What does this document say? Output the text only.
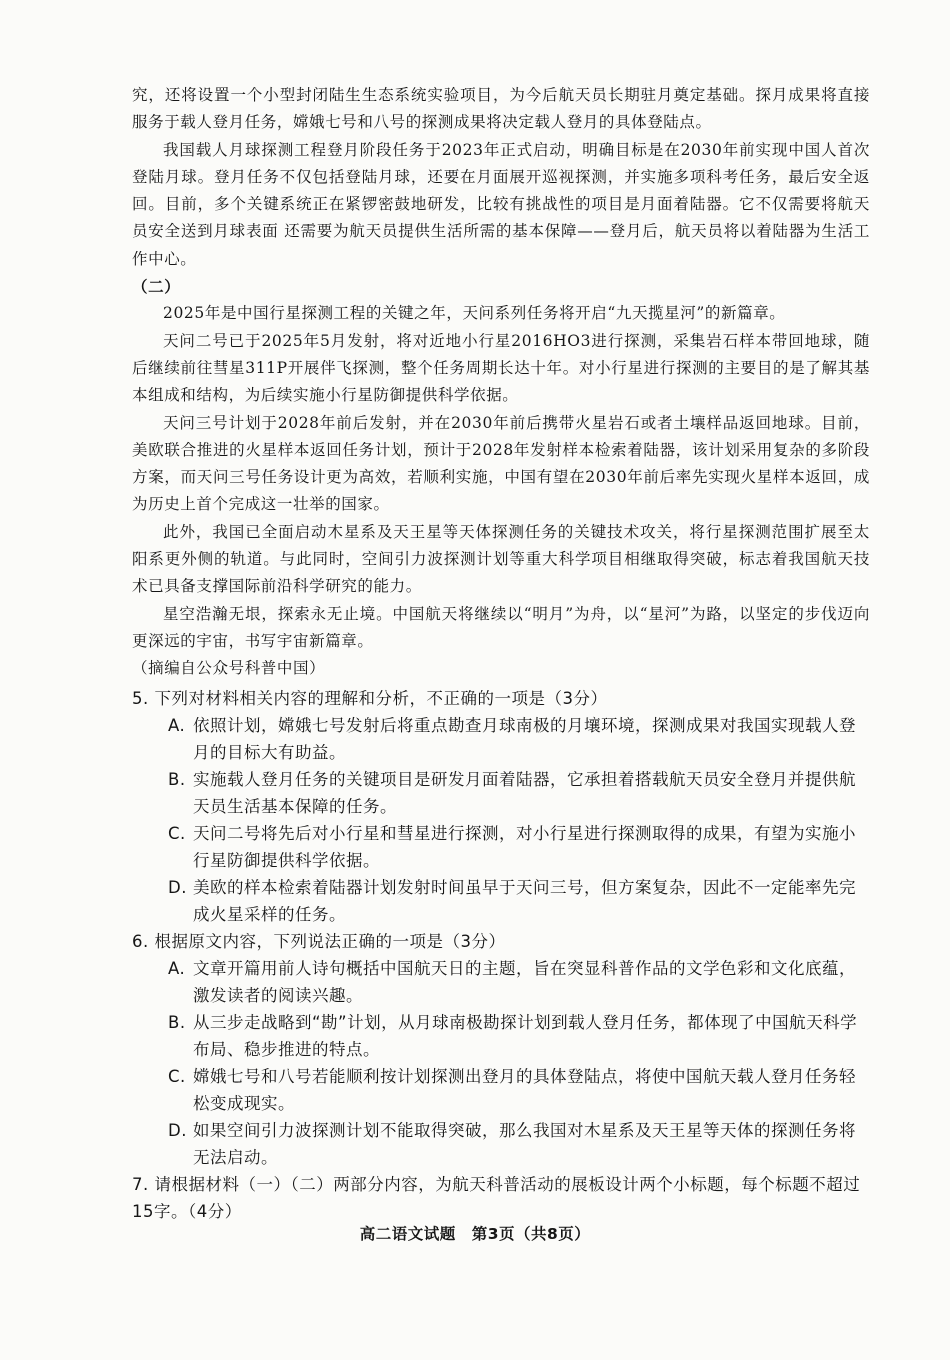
究，还将设置一个小型封闭陆生生态系统实验项目，为今后航天员长期驻月奠定基础。探月成果将直接服务于载人登月任务，嫦娥七号和八号的探测成果将决定载人登月的具体登陆点。

我国载人月球探测工程登月阶段任务于2023年正式启动，明确目标是在2030年前实现中国人首次登陆月球。登月任务不仅包括登陆月球，还要在月面展开巡视探测，并实施多项科考任务，最后安全返回。目前，多个关键系统正在紧锣密鼓地研发，比较有挑战性的项目是月面着陆器。它不仅需要将航天员安全送到月球表面 还需要为航天员提供生活所需的基本保障——登月后，航天员将以着陆器为生活工作中心。

（二）

2025年是中国行星探测工程的关键之年，天问系列任务将开启“九天揽星河”的新篇章。

天问二号已于2025年5月发射，将对近地小行星2016HO3进行探测，采集岩石样本带回地球，随后继续前往彗星311P开展伴飞探测，整个任务周期长达十年。对小行星进行探测的主要目的是了解其基本组成和结构，为后续实施小行星防御提供科学依据。

天问三号计划于2028年前后发射，并在2030年前后携带火星岩石或者土壤样品返回地球。目前，美欧联合推进的火星样本返回任务计划，预计于2028年发射样本检索着陆器，该计划采用复杂的多阶段方案，而天问三号任务设计更为高效，若顺利实施，中国有望在2030年前后率先实现火星样本返回，成为历史上首个完成这一壮举的国家。

此外，我国已全面启动木星系及天王星等天体探测任务的关键技术攻关，将行星探测范围扩展至太阳系更外侧的轨道。与此同时，空间引力波探测计划等重大科学项目相继取得突破，标志着我国航天技术已具备支撑国际前沿科学研究的能力。

星空浩瀚无垠，探索永无止境。中国航天将继续以“明月”为舟，以“星河”为路，以坚定的步伐迈向更深远的宇宙，书写宇宙新篇章。

（摘编自公众号科普中国）

5. 下列对材料相关内容的理解和分析，不正确的一项是（3分）

A. 依照计划，嫦娥七号发射后将重点勘查月球南极的月壤环境，探测成果对我国实现载人登月的目标大有助益。

B. 实施载人登月任务的关键项目是研发月面着陆器，它承担着搭载航天员安全登月并提供航天员生活基本保障的任务。

C. 天问二号将先后对小行星和彗星进行探测，对小行星进行探测取得的成果，有望为实施小行星防御提供科学依据。

D. 美欧的样本检索着陆器计划发射时间虽早于天问三号，但方案复杂，因此不一定能率先完成火星采样的任务。

6. 根据原文内容，下列说法正确的一项是（3分）

A. 文章开篇用前人诗句概括中国航天日的主题，旨在突显科普作品的文学色彩和文化底蕴，激发读者的阅读兴趣。

B. 从三步走战略到“勘”计划，从月球南极勘探计划到载人登月任务，都体现了中国航天科学布局、稳步推进的特点。

C. 嫦娥七号和八号若能顺利按计划探测出登月的具体登陆点，将使中国航天载人登月任务轻松变成现实。

D. 如果空间引力波探测计划不能取得突破，那么我国对木星系及天王星等天体的探测任务将无法启动。

7. 请根据材料（一）（二）两部分内容，为航天科普活动的展板设计两个小标题，每个标题不超过15字。（4分）

高二语文试题　第3页（共8页）
